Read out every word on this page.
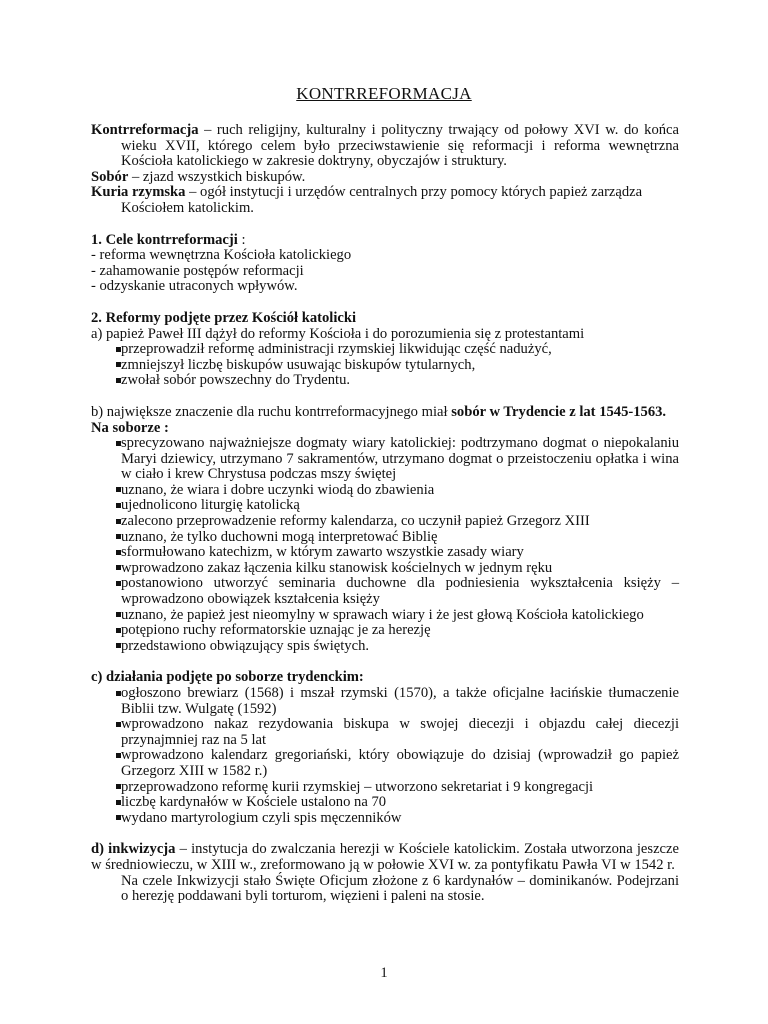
KONTRREFORMACJA

Kontrreformacja – ruch religijny, kulturalny i polityczny trwający od połowy XVI w. do końca wieku XVII, którego celem było przeciwstawienie się reformacji i reforma wewnętrzna Kościoła katolickiego w zakresie doktryny, obyczajów i struktury.

Sobór – zjazd wszystkich biskupów.

Kuria rzymska – ogół instytucji i urzędów centralnych przy pomocy których papież zarządza Kościołem katolickim.

1. Cele kontrreformacji :

- reforma wewnętrzna Kościoła katolickiego

- zahamowanie postępów reformacji

- odzyskanie utraconych wpływów.

2. Reformy podjęte przez Kościół katolicki

a) papież Paweł III dążył do reformy Kościoła i do porozumienia się z protestantami

przeprowadził reformę administracji rzymskiej likwidując część nadużyć,
zmniejszył liczbę biskupów usuwając biskupów tytularnych,
zwołał sobór powszechny do Trydentu.

b) największe znaczenie dla ruchu kontrreformacyjnego miał sobór w Trydencie z lat 1545-1563.

Na soborze :

sprecyzowano najważniejsze dogmaty wiary katolickiej: podtrzymano dogmat o niepokalaniu Maryi dziewicy, utrzymano 7 sakramentów, utrzymano dogmat o przeistoczeniu opłatka i wina w ciało i krew Chrystusa podczas mszy świętej
uznano, że wiara i dobre uczynki wiodą do zbawienia
ujednolicono liturgię katolicką
zalecono przeprowadzenie reformy kalendarza, co uczynił papież Grzegorz XIII
uznano, że tylko duchowni mogą interpretować Biblię
sformułowano katechizm, w którym zawarto wszystkie zasady wiary
wprowadzono zakaz łączenia kilku stanowisk kościelnych w jednym ręku
postanowiono utworzyć seminaria duchowne dla podniesienia wykształcenia księży – wprowadzono obowiązek kształcenia księży
uznano, że papież jest nieomylny w sprawach wiary i że jest głową Kościoła katolickiego
potępiono ruchy reformatorskie uznając je za herezję
przedstawiono obwiązujący spis świętych.

c) działania podjęte po soborze trydenckim:

ogłoszono brewiarz (1568) i mszał rzymski (1570), a także oficjalne łacińskie tłumaczenie Biblii tzw. Wulgatę (1592)
wprowadzono nakaz rezydowania biskupa w swojej diecezji i objazdu całej diecezji przynajmniej raz na 5 lat
wprowadzono kalendarz gregoriański, który obowiązuje do dzisiaj (wprowadził go papież Grzegorz XIII w 1582 r.)
przeprowadzono reformę kurii rzymskiej – utworzono sekretariat i 9 kongregacji
liczbę kardynałów w Kościele ustalono na 70
wydano martyrologium czyli spis męczenników

d) inkwizycja – instytucja do zwalczania herezji w Kościele katolickim. Została utworzona jeszcze w średniowieczu, w XIII w., zreformowano ją w połowie XVI w. za pontyfikatu Pawła VI w 1542 r.

Na czele Inkwizycji stało Święte Oficjum złożone z 6 kardynałów – dominikanów. Podejrzani o herezję poddawani byli torturom, więzieni i paleni na stosie.

1
